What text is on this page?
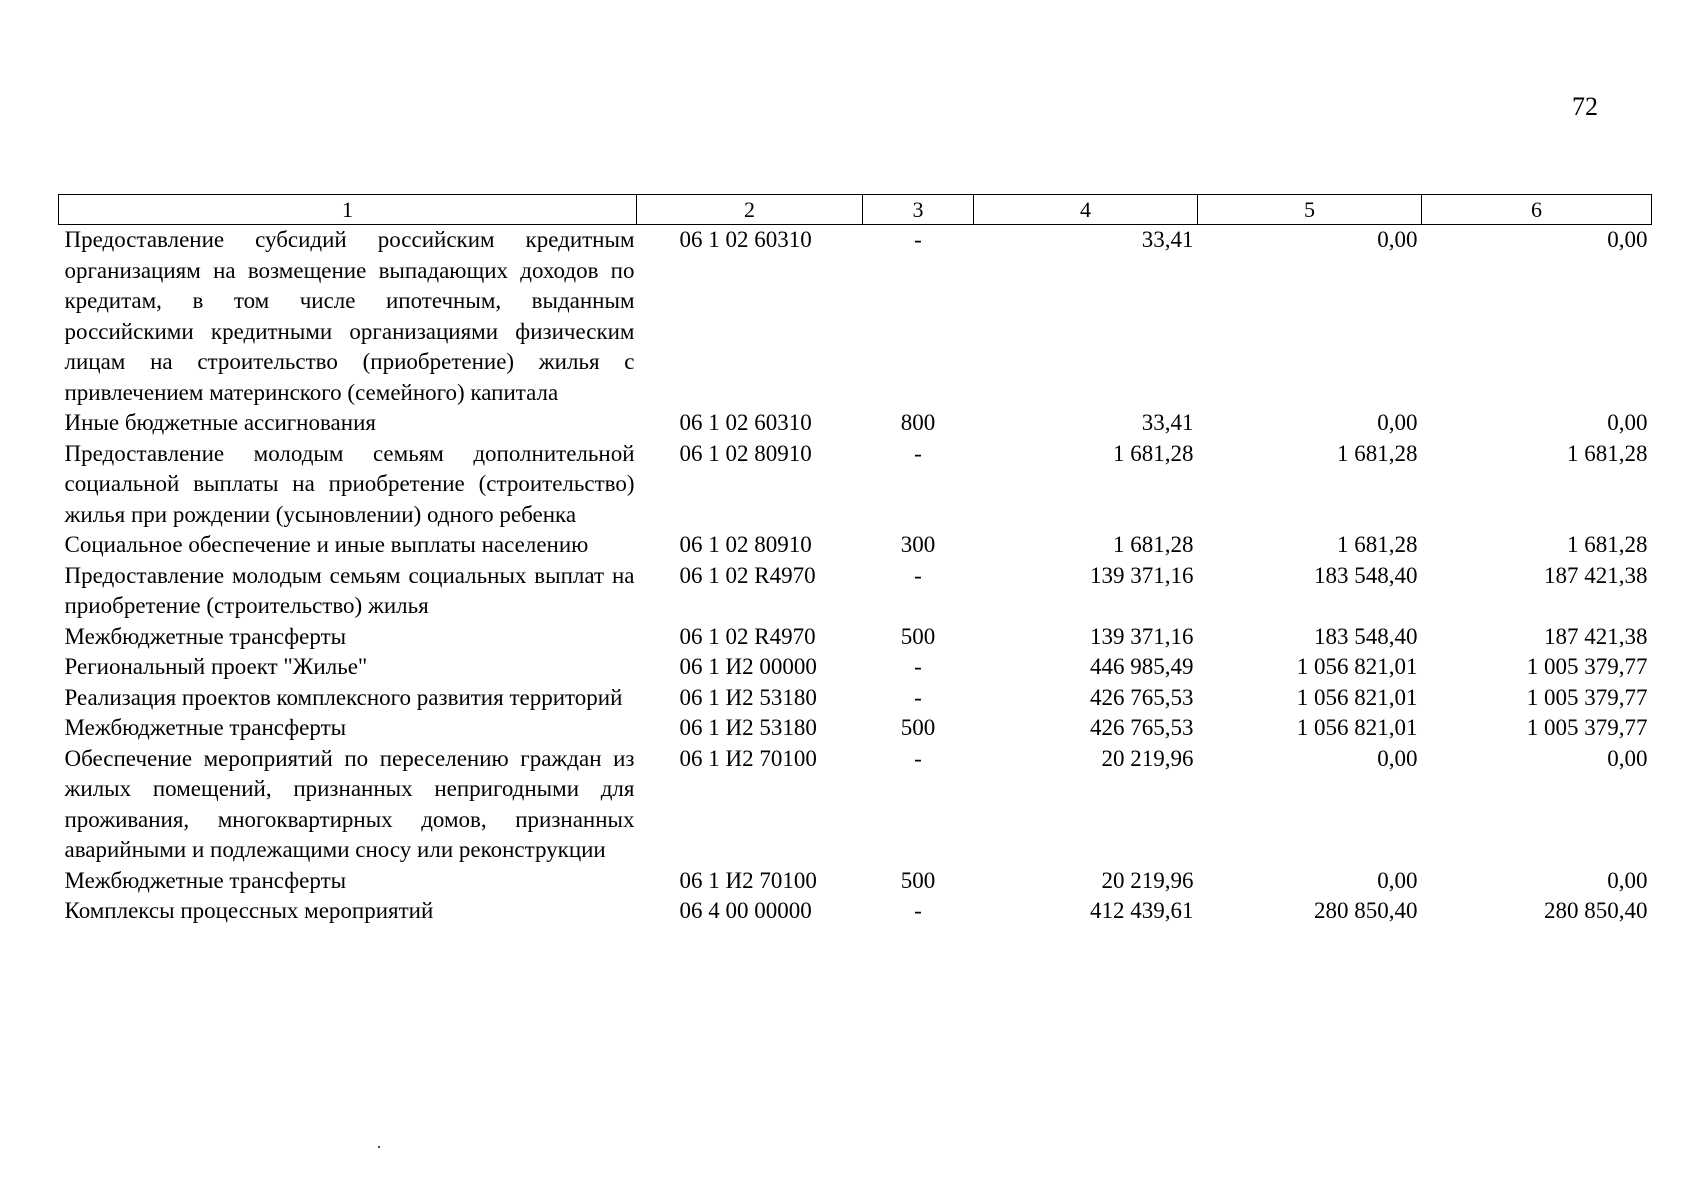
72
1	2	3	4	5	6
Предоставление субсидий российским кредитным организациям на возмещение выпадающих доходов по кредитам, в том числе ипотечным, выданным российскими кредитными организациями физическим лицам на строительство (приобретение) жилья с привлечением материнского (семейного) капитала	06 1 02 60310	-	33,41	0,00	0,00
Иные бюджетные ассигнования	06 1 02 60310	800	33,41	0,00	0,00
Предоставление молодым семьям дополнительной социальной выплаты на приобретение (строительство) жилья при рождении (усыновлении) одного ребенка	06 1 02 80910	-	1 681,28	1 681,28	1 681,28
Социальное обеспечение и иные выплаты населению	06 1 02 80910	300	1 681,28	1 681,28	1 681,28
Предоставление молодым семьям социальных выплат на приобретение (строительство) жилья	06 1 02 R4970	-	139 371,16	183 548,40	187 421,38
Межбюджетные трансферты	06 1 02 R4970	500	139 371,16	183 548,40	187 421,38
Региональный проект "Жилье"	06 1 И2 00000	-	446 985,49	1 056 821,01	1 005 379,77
Реализация проектов комплексного развития территорий	06 1 И2 53180	-	426 765,53	1 056 821,01	1 005 379,77
Межбюджетные трансферты	06 1 И2 53180	500	426 765,53	1 056 821,01	1 005 379,77
Обеспечение мероприятий по переселению граждан из жилых помещений, признанных непригодными для проживания, многоквартирных домов, признанных аварийными и подлежащими сносу или реконструкции	06 1 И2 70100	-	20 219,96	0,00	0,00
Межбюджетные трансферты	06 1 И2 70100	500	20 219,96	0,00	0,00
Комплексы процессных мероприятий	06 4 00 00000	-	412 439,61	280 850,40	280 850,40
